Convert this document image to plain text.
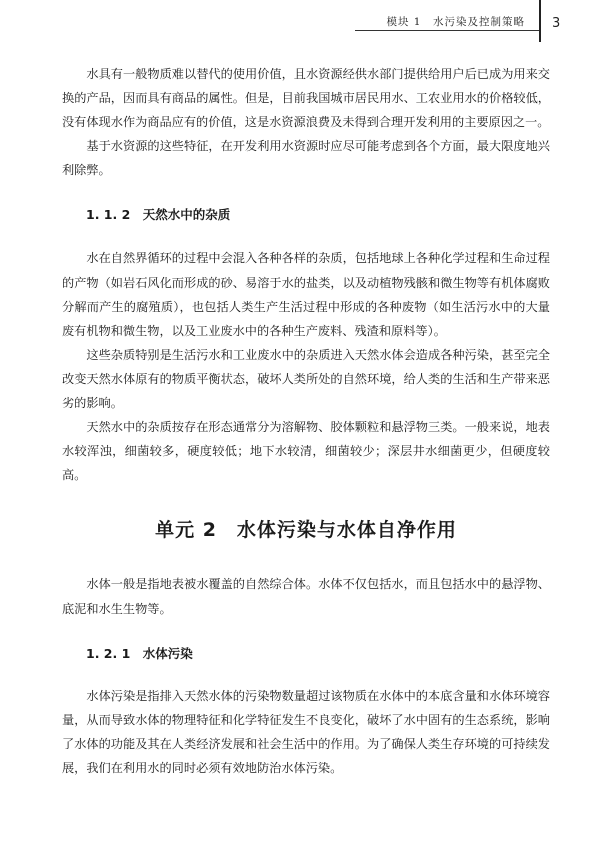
模块 1　水污染及控制策略 3

水具有一般物质难以替代的使用价值，且水资源经供水部门提供给用户后已成为用来交换的产品，因而具有商品的属性。但是，目前我国城市居民用水、工农业用水的价格较低，没有体现水作为商品应有的价值，这是水资源浪费及未得到合理开发利用的主要原因之一。

基于水资源的这些特征，在开发利用水资源时应尽可能考虑到各个方面，最大限度地兴利除弊。

1. 1. 2　天然水中的杂质

水在自然界循环的过程中会混入各种各样的杂质，包括地球上各种化学过程和生命过程的产物（如岩石风化而形成的砂、易溶于水的盐类，以及动植物残骸和微生物等有机体腐败分解而产生的腐殖质），也包括人类生产生活过程中形成的各种废物（如生活污水中的大量废有机物和微生物，以及工业废水中的各种生产废料、残渣和原料等）。

这些杂质特别是生活污水和工业废水中的杂质进入天然水体会造成各种污染，甚至完全改变天然水体原有的物质平衡状态，破坏人类所处的自然环境，给人类的生活和生产带来恶劣的影响。

天然水中的杂质按存在形态通常分为溶解物、胶体颗粒和悬浮物三类。一般来说，地表水较浑浊，细菌较多，硬度较低；地下水较清，细菌较少；深层井水细菌更少，但硬度较高。

单元 2　水体污染与水体自净作用

水体一般是指地表被水覆盖的自然综合体。水体不仅包括水，而且包括水中的悬浮物、底泥和水生生物等。

1. 2. 1　水体污染

水体污染是指排入天然水体的污染物数量超过该物质在水体中的本底含量和水体环境容量，从而导致水体的物理特征和化学特征发生不良变化，破坏了水中固有的生态系统，影响了水体的功能及其在人类经济发展和社会生活中的作用。为了确保人类生存环境的可持续发展，我们在利用水的同时必须有效地防治水体污染。
